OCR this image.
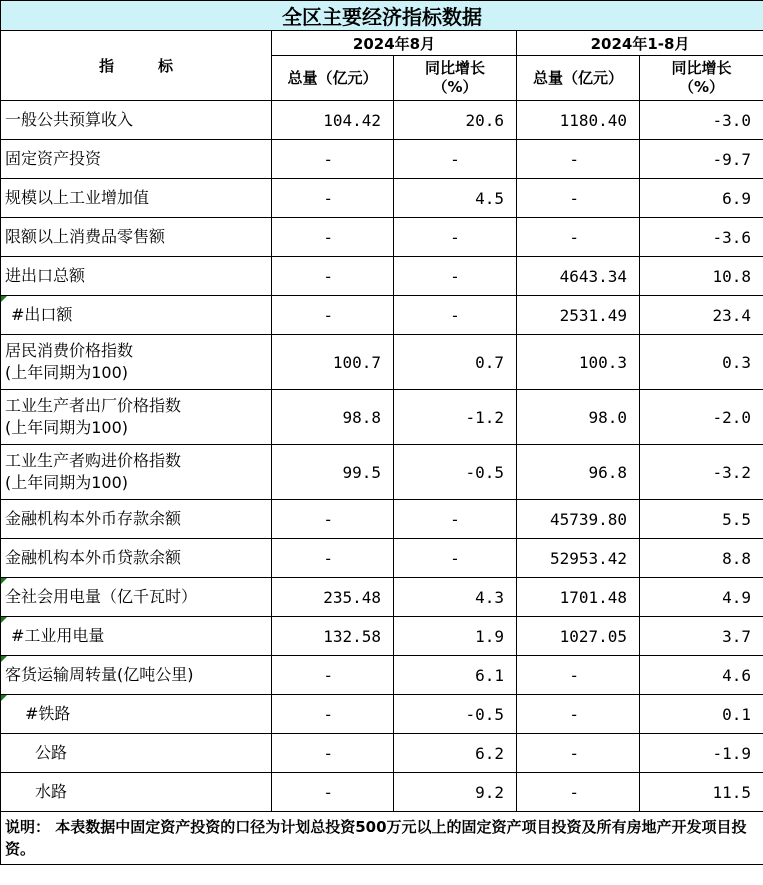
全区主要经济指标数据				
指 标	2024年8月		2024年1-8月	
	总量（亿元）	同比增长
（%）	总量（亿元）	同比增长
（%）
一般公共预算收入	104.42	20.6	1180.40	-3.0
固定资产投资	-	-	-	-9.7
规模以上工业增加值	-	4.5	-	6.9
限额以上消费品零售额	-	-	-	-3.6
进出口总额	-	-	4643.34	10.8

#出口额	-	-	2531.49	23.4
居民消费价格指数
(上年同期为100)	100.7	0.7	100.3	0.3
工业生产者出厂价格指数
(上年同期为100)	98.8	-1.2	98.0	-2.0
工业生产者购进价格指数
(上年同期为100)	99.5	-0.5	96.8	-3.2
金融机构本外币存款余额	-	-	45739.80	5.5
金融机构本外币贷款余额	-	-	52953.42	8.8

全社会用电量（亿千瓦时）	235.48	4.3	1701.48	4.9

#工业用电量	132.58	1.9	1027.05	3.7

客货运输周转量(亿吨公里)	-	6.1	-	4.6

#铁路	-	-0.5	-	0.1
公路	-	6.2	-	-1.9
水路	-	9.2	-	11.5
说明： 本表数据中固定资产投资的口径为计划总投资500万元以上的固定资产项目投资及所有房地产开发项目投资。				
